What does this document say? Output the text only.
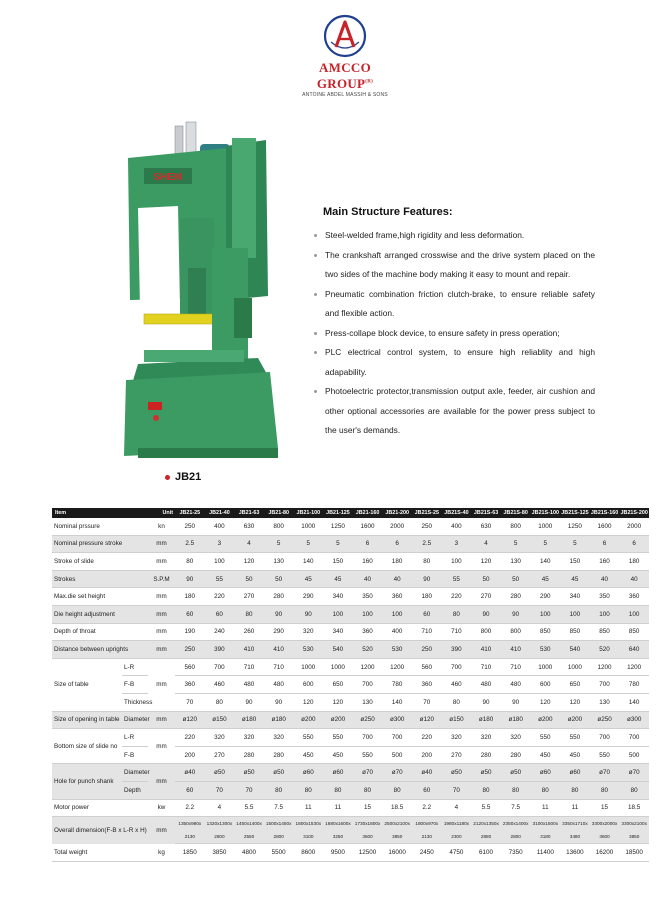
AMCCO $GROUP^{(R)}$
ANTOINE ABDEL MASSIH & SONS
SHEM
JB21
Main Structure Features:
Steel-welded frame,high rigidity and less deformation.
The crankshaft arranged crosswise and the drive system placed on the two sides of the machine body making it easy to mount and repair.
Pneumatic combination friction clutch-brake, to ensure reliable safety and flexible action.
Press-collape block device, to ensure safety in press operation;
PLC electrical control system, to ensure high reliablity and high adapability.
Photoelectric protector,transmission output axle, feeder, air cushion and other optional accessories are available for the power press subject to the user's demands.
Item		Unit	JB21-25	JB21-40	JB21-63	JB21-80	JB21-100	JB21-125	JB21-160	JB21-200	JB21S-25	JB21S-40	JB21S-63	JB21S-80	JB21S-100	JB21S-125	JB21S-160	JB21S-200
Nominal prssure		kn	250	400	630	800	1000	1250	1600	2000	250	400	630	800	1000	1250	1600	2000
Nominal pressure stroke		mm	2.5	3	4	5	5	5	6	6	2.5	3	4	5	5	5	6	6
Stroke of slide		mm	80	100	120	130	140	150	160	180	80	100	120	130	140	150	160	180
Strokes		S.P.M	90	55	50	50	45	45	40	40	90	55	50	50	45	45	40	40
Max.die set height		mm	180	220	270	280	290	340	350	360	180	220	270	280	290	340	350	360
Die height adjustment		mm	60	60	80	90	90	100	100	100	60	80	90	90	100	100	100	100
Depth of throat		mm	190	240	260	290	320	340	360	400	710	710	800	800	850	850	850	850
Distance between uprights		mm	250	390	410	410	530	540	520	530	250	390	410	410	530	540	520	640
Size of table	L-R	mm	560	700	710	710	1000	1000	1200	1200	560	700	710	710	1000	1000	1200	1200
	F-B		360	460	480	480	600	650	700	780	360	460	480	480	600	650	700	780
	Thickness		70	80	90	90	120	120	130	140	70	80	90	90	120	120	130	140
Size of opening in table	Diameter	mm	ø120	ø150	ø180	ø180	ø200	ø200	ø250	ø300	ø120	ø150	ø180	ø180	ø200	ø200	ø250	ø300
Bottom size of slide no	L-R	mm	220	320	320	320	550	550	700	700	220	320	320	320	550	550	700	700
	F-B		200	270	280	280	450	450	550	500	200	270	280	280	450	450	550	500
Hole for punch shank	Diameter	mm	ø40	ø50	ø50	ø50	ø60	ø60	ø70	ø70	ø40	ø50	ø50	ø50	ø60	ø60	ø70	ø70
	Depth		60	70	70	80	80	80	80	80	60	70	80	80	80	80	80	80
Motor power		kw	2.2	4	5.5	7.5	11	11	15	18.5	2.2	4	5.5	7.5	11	11	15	18.5
Overall dimension(F-B x L-R x H)		mm	1350x980x	1320x1300x	1450x1400x	1500x1450x	1800x1530x	1680x1600x	1730x1800x	2500x2100x	1800x970x	1980x1180x	2120x1350x	2350x1400x	3100x1500x	3350x1710x	3300x2000x	3300x2100x
			2130	2800	2550	2800	3100	3250	3600	3850	2130	2300	2880	2800	3180	3480	3600	3850
Total weight		kg	1850	3850	4800	5500	8600	9500	12500	16000	2450	4750	6100	7350	11400	13600	16200	18500
